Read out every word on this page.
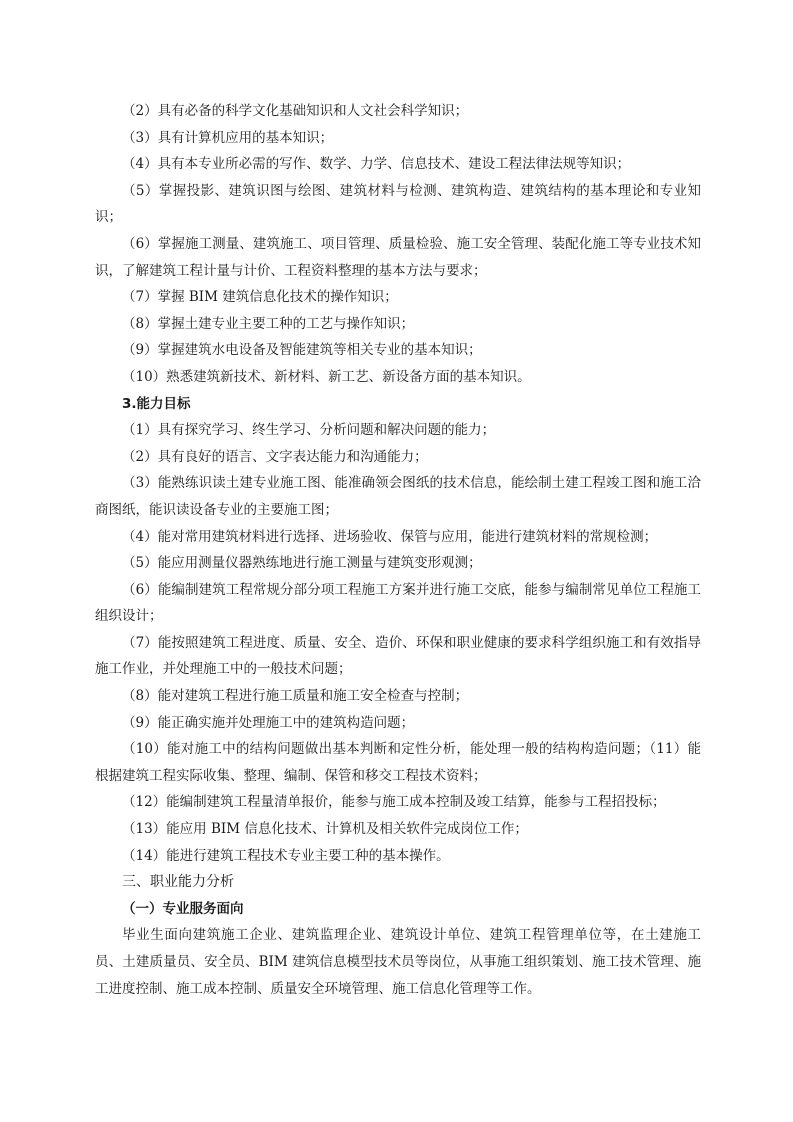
（2）具有必备的科学文化基础知识和人文社会科学知识；
（3）具有计算机应用的基本知识；
（4）具有本专业所必需的写作、数学、力学、信息技术、建设工程法律法规等知识；
（5）掌握投影、建筑识图与绘图、建筑材料与检测、建筑构造、建筑结构的基本理论和专业知识；
（6）掌握施工测量、建筑施工、项目管理、质量检验、施工安全管理、装配化施工等专业技术知识，了解建筑工程计量与计价、工程资料整理的基本方法与要求；
（7）掌握 BIM 建筑信息化技术的操作知识；
（8）掌握土建专业主要工种的工艺与操作知识；
（9）掌握建筑水电设备及智能建筑等相关专业的基本知识；
（10）熟悉建筑新技术、新材料、新工艺、新设备方面的基本知识。
3.能力目标
（1）具有探究学习、终生学习、分析问题和解决问题的能力；
（2）具有良好的语言、文字表达能力和沟通能力；
（3）能熟练识读土建专业施工图、能准确领会图纸的技术信息，能绘制土建工程竣工图和施工洽商图纸，能识读设备专业的主要施工图；
（4）能对常用建筑材料进行选择、进场验收、保管与应用，能进行建筑材料的常规检测；
（5）能应用测量仪器熟练地进行施工测量与建筑变形观测；
（6）能编制建筑工程常规分部分项工程施工方案并进行施工交底，能参与编制常见单位工程施工组织设计；
（7）能按照建筑工程进度、质量、安全、造价、环保和职业健康的要求科学组织施工和有效指导施工作业，并处理施工中的一般技术问题；
（8）能对建筑工程进行施工质量和施工安全检查与控制；
（9）能正确实施并处理施工中的建筑构造问题；
（10）能对施工中的结构问题做出基本判断和定性分析，能处理一般的结构构造问题；（11）能根据建筑工程实际收集、整理、编制、保管和移交工程技术资料；
（12）能编制建筑工程量清单报价，能参与施工成本控制及竣工结算，能参与工程招投标；
（13）能应用 BIM 信息化技术、计算机及相关软件完成岗位工作；
（14）能进行建筑工程技术专业主要工种的基本操作。
三、职业能力分析
（一）专业服务面向
毕业生面向建筑施工企业、建筑监理企业、建筑设计单位、建筑工程管理单位等，在土建施工员、土建质量员、安全员、BIM 建筑信息模型技术员等岗位，从事施工组织策划、施工技术管理、施工进度控制、施工成本控制、质量安全环境管理、施工信息化管理等工作。
